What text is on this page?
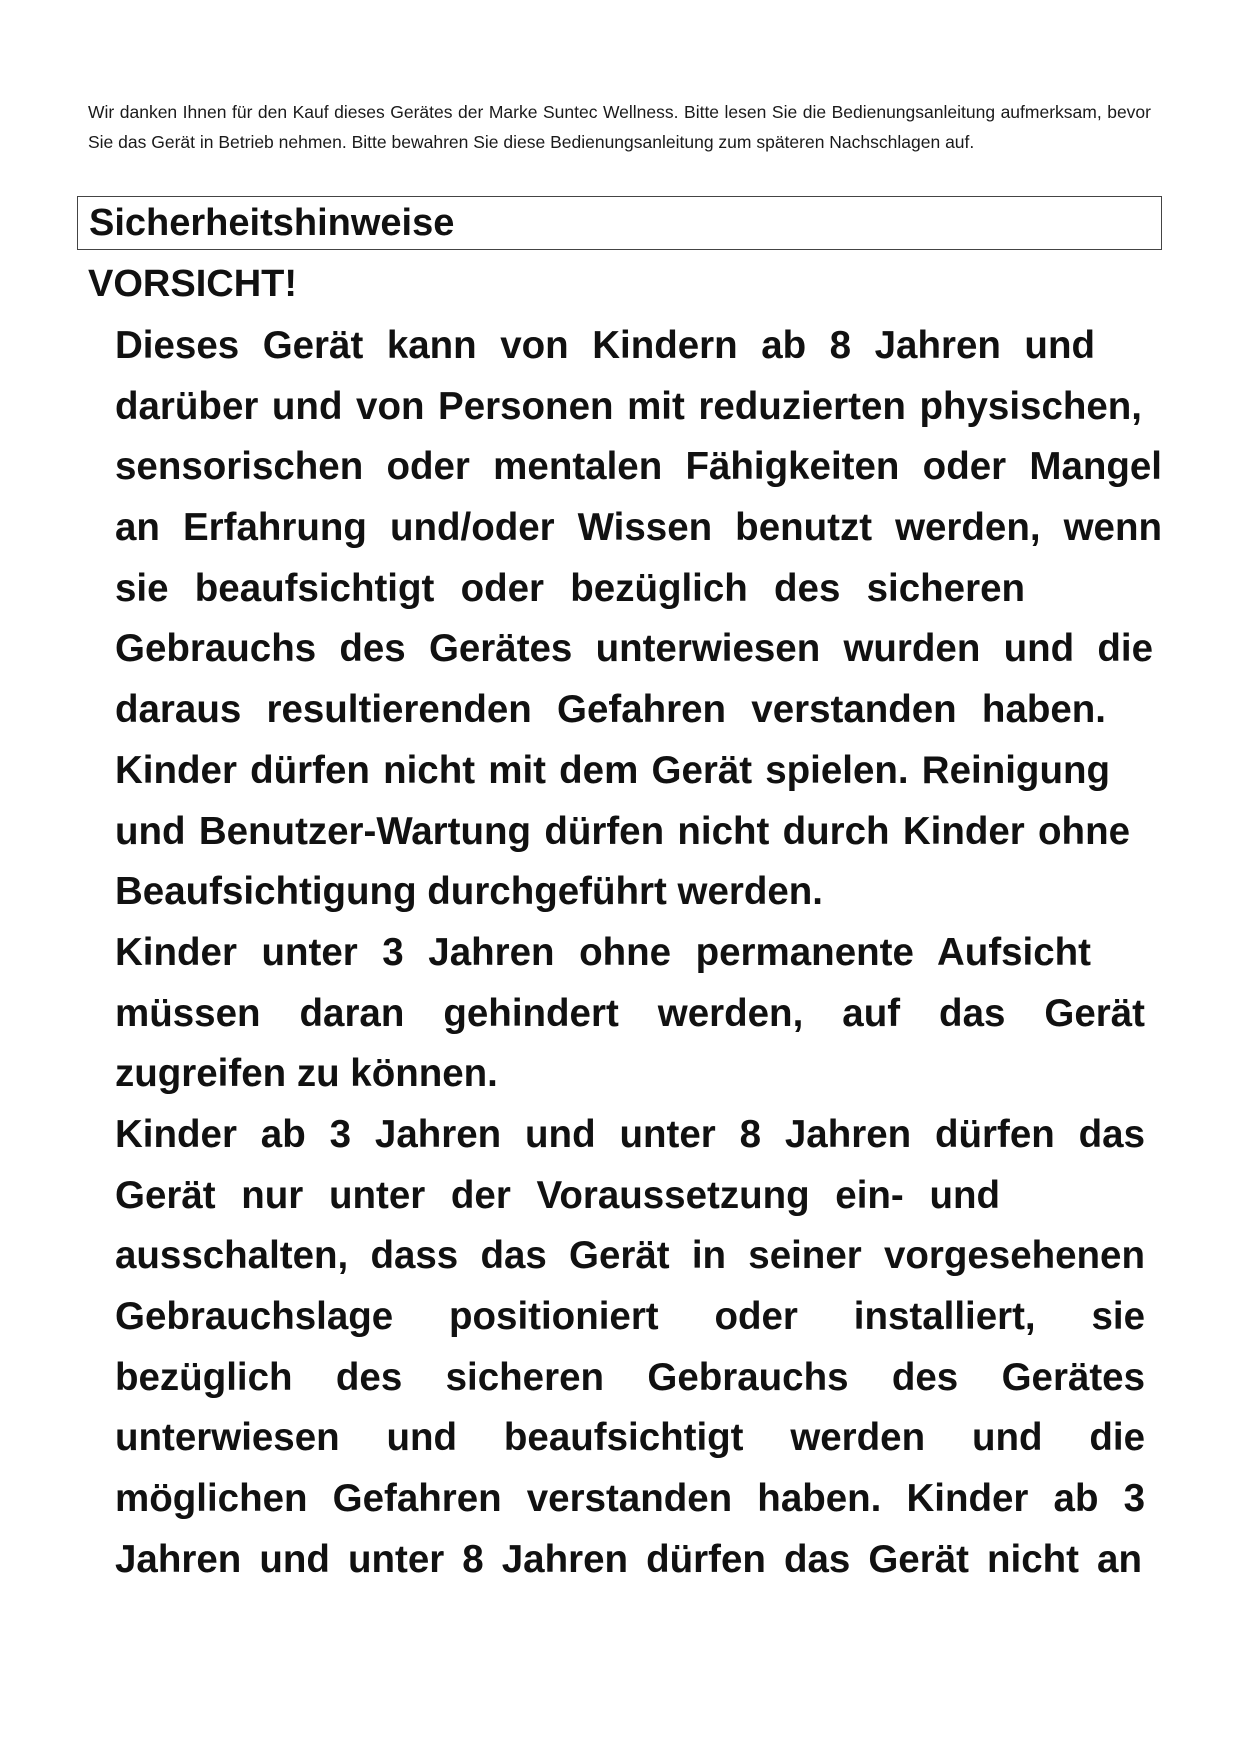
Wir danken Ihnen für den Kauf dieses Gerätes der Marke Suntec Wellness. Bitte lesen Sie die Bedienungsanleitung aufmerksam, bevor Sie das Gerät in Betrieb nehmen. Bitte bewahren Sie diese Bedienungsanleitung zum späteren Nachschlagen auf.
Sicherheitshinweise
VORSICHT!
Dieses Gerät kann von Kindern ab 8 Jahren und
darüber und von Personen mit reduzierten physischen,
sensorischen oder mentalen Fähigkeiten oder Mangel
an Erfahrung und/oder Wissen benutzt werden, wenn
sie beaufsichtigt oder bezüglich des sicheren
Gebrauchs des Gerätes unterwiesen wurden und die
daraus resultierenden Gefahren verstanden haben.
Kinder dürfen nicht mit dem Gerät spielen. Reinigung
und Benutzer-Wartung dürfen nicht durch Kinder ohne
Beaufsichtigung durchgeführt werden.
Kinder unter 3 Jahren ohne permanente Aufsicht
müssen daran gehindert werden, auf das Gerät
zugreifen zu können.
Kinder ab 3 Jahren und unter 8 Jahren dürfen das
Gerät nur unter der Voraussetzung ein- und
ausschalten, dass das Gerät in seiner vorgesehenen
Gebrauchslage positioniert oder installiert, sie
bezüglich des sicheren Gebrauchs des Gerätes
unterwiesen und beaufsichtigt werden und die
möglichen Gefahren verstanden haben. Kinder ab 3
Jahren und unter 8 Jahren dürfen das Gerät nicht an
